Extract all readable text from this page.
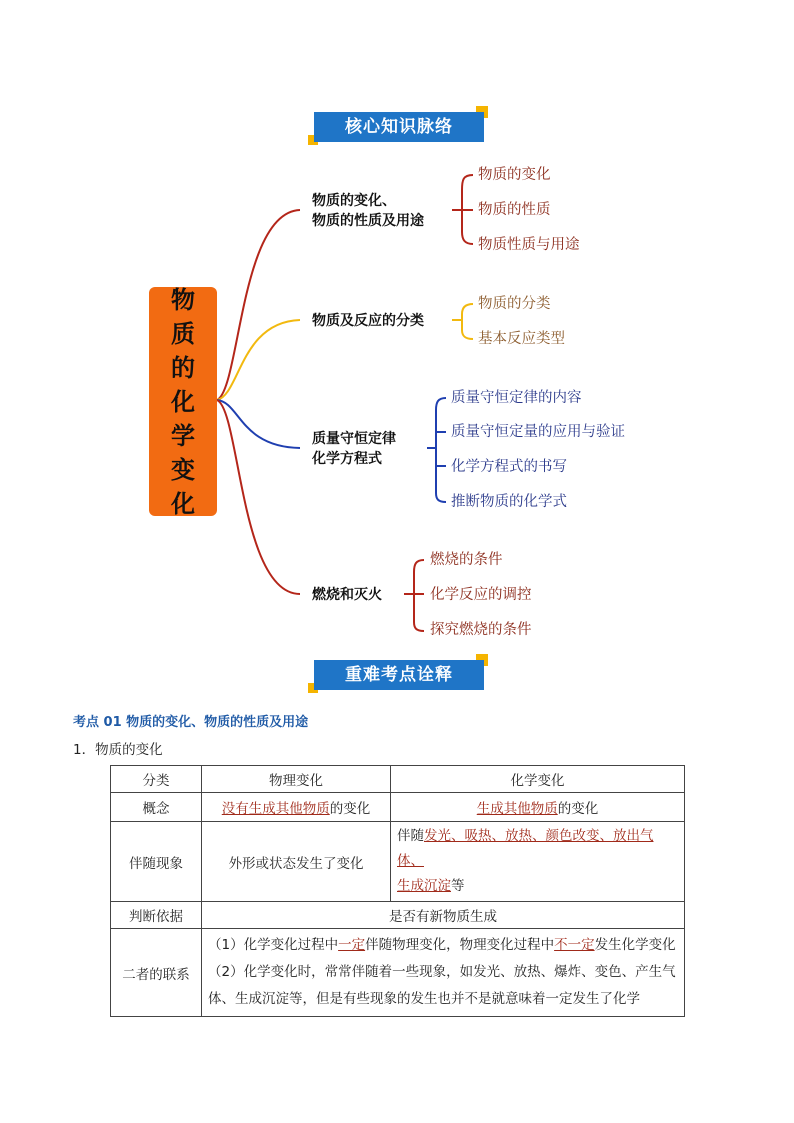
核心知识脉络
物
质
的
化
学
变
化
物质的变化、
物质的性质及用途
物质及反应的分类
质量守恒定律
化学方程式
燃烧和灭火
物质的变化
物质的性质
物质性质与用途
物质的分类
基本反应类型
质量守恒定律的内容
质量守恒定量的应用与验证
化学方程式的书写
推断物质的化学式
燃烧的条件
化学反应的调控
探究燃烧的条件
重难考点诠释
考点 01 物质的变化、物质的性质及用途
1．物质的变化
分类	物理变化	化学变化
概念	没有生成其他物质的变化	生成其他物质的变化
伴随现象	外形或状态发生了变化	伴随发光、吸热、放热、颜色改变、放出气体、
生成沉淀等
判断依据	是否有新物质生成	
二者的联系	（1）化学变化过程中一定伴随物理变化，物理变化过程中不一定发生化学变化
（2）化学变化时，常常伴随着一些现象，如发光、放热、爆炸、变色、产生气体、生成沉淀等，但是有些现象的发生也并不是就意味着一定发生了化学	
